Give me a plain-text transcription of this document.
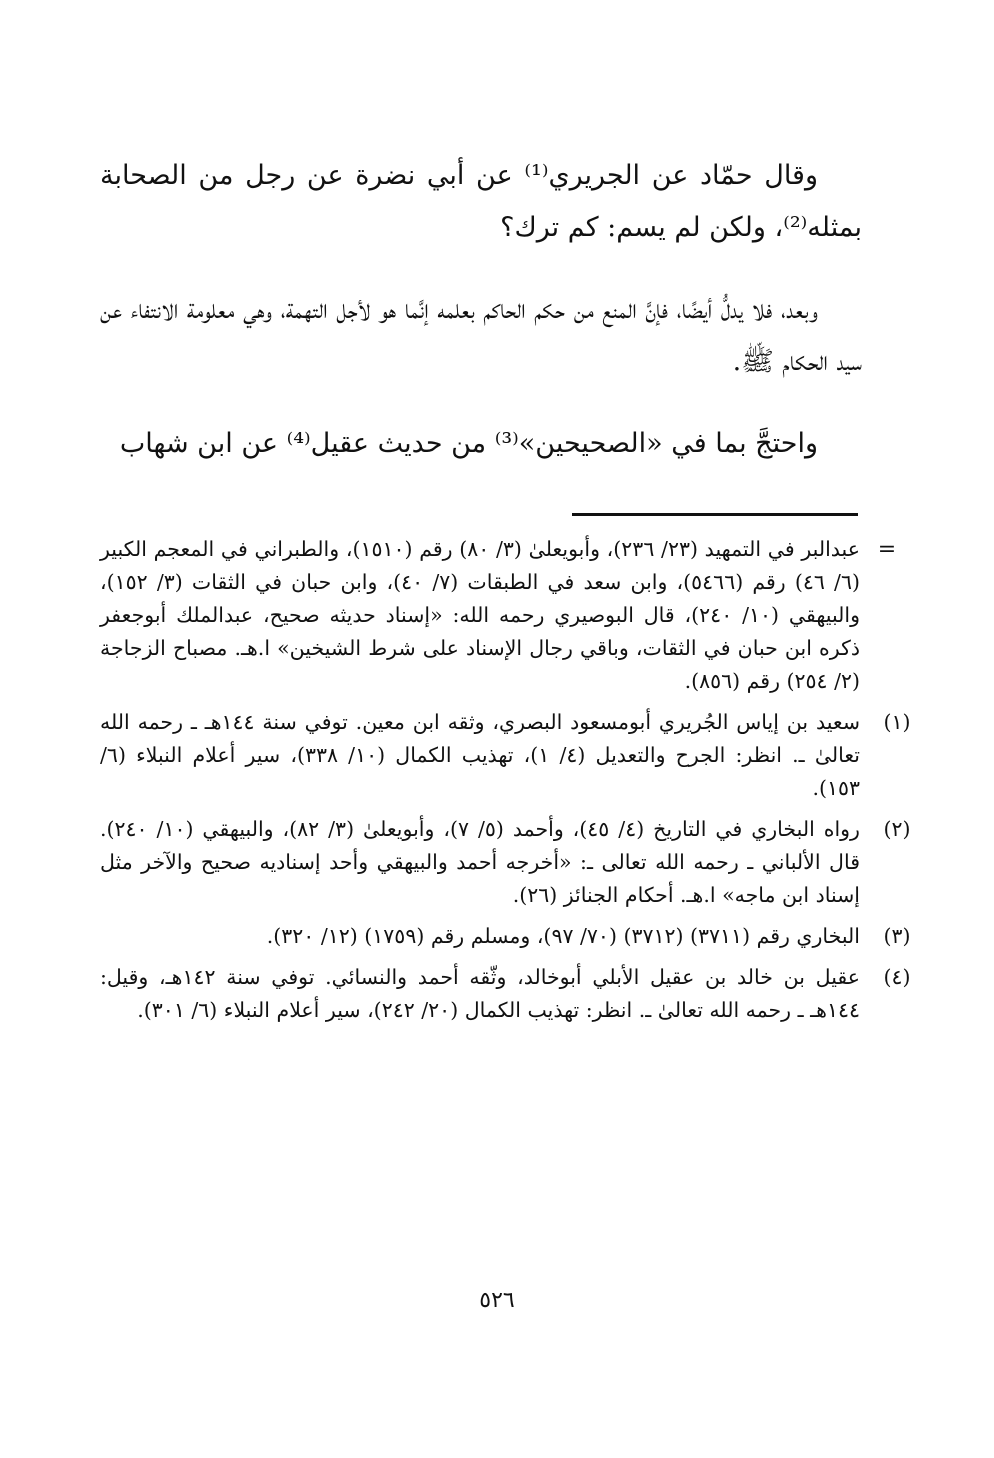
وقال حمّاد عن الجريري⁽¹⁾ عن أبي نضرة عن رجل من الصحابة بمثله⁽²⁾، ولكن لم يسم: كم ترك؟

وبعد، فلا يدلُّ أيضًا، فإنَّ المنع من حكم الحاكم بعلمه إنَّما هو لأجل التهمة، وهي معلومة الانتفاء عن سيد الحكام ﷺ.

واحتجَّ بما في «الصحيحين»⁽³⁾ من حديث عقيل⁽⁴⁾ عن ابن شهاب

=
عبدالبر في التمهيد (٢٣/ ٢٣٦)، وأبويعلىٰ (٣/ ٨٠) رقم (١٥١٠)، والطبراني في المعجم الكبير (٦/ ٤٦) رقم (٥٤٦٦)، وابن سعد في الطبقات (٧/ ٤٠)، وابن حبان في الثقات (٣/ ١٥٢)، والبيهقي (١٠/ ٢٤٠)، قال البوصيري رحمه الله: «إسناد حديثه صحيح، عبدالملك أبوجعفر ذكره ابن حبان في الثقات، وباقي رجال الإسناد على شرط الشيخين» ا.هـ. مصباح الزجاجة (٢/ ٢٥٤) رقم (٨٥٦).
(١)
سعيد بن إياس الجُريري أبومسعود البصري، وثقه ابن معين. توفي سنة ١٤٤هـ ـ رحمه الله تعالىٰ ـ. انظر: الجرح والتعديل (٤/ ١)، تهذيب الكمال (١٠/ ٣٣٨)، سير أعلام النبلاء (٦/ ١٥٣).
(٢)
رواه البخاري في التاريخ (٤/ ٤٥)، وأحمد (٥/ ٧)، وأبويعلىٰ (٣/ ٨٢)، والبيهقي (١٠/ ٢٤٠). قال الألباني ـ رحمه الله تعالى ـ: «أخرجه أحمد والبيهقي وأحد إسناديه صحيح والآخر مثل إسناد ابن ماجه» ا.هـ. أحكام الجنائز (٢٦).
(٣)
البخاري رقم (٣٧١١) (٣٧١٢) (٧٠/ ٩٧)، ومسلم رقم (١٧٥٩) (١٢/ ٣٢٠).
(٤)
عقيل بن خالد بن عقيل الأبلي أبوخالد، وثّقه أحمد والنسائي. توفي سنة ١٤٢هـ، وقيل: ١٤٤هـ ـ رحمه الله تعالىٰ ـ. انظر: تهذيب الكمال (٢٠/ ٢٤٢)، سير أعلام النبلاء (٦/ ٣٠١).
٥٢٦
